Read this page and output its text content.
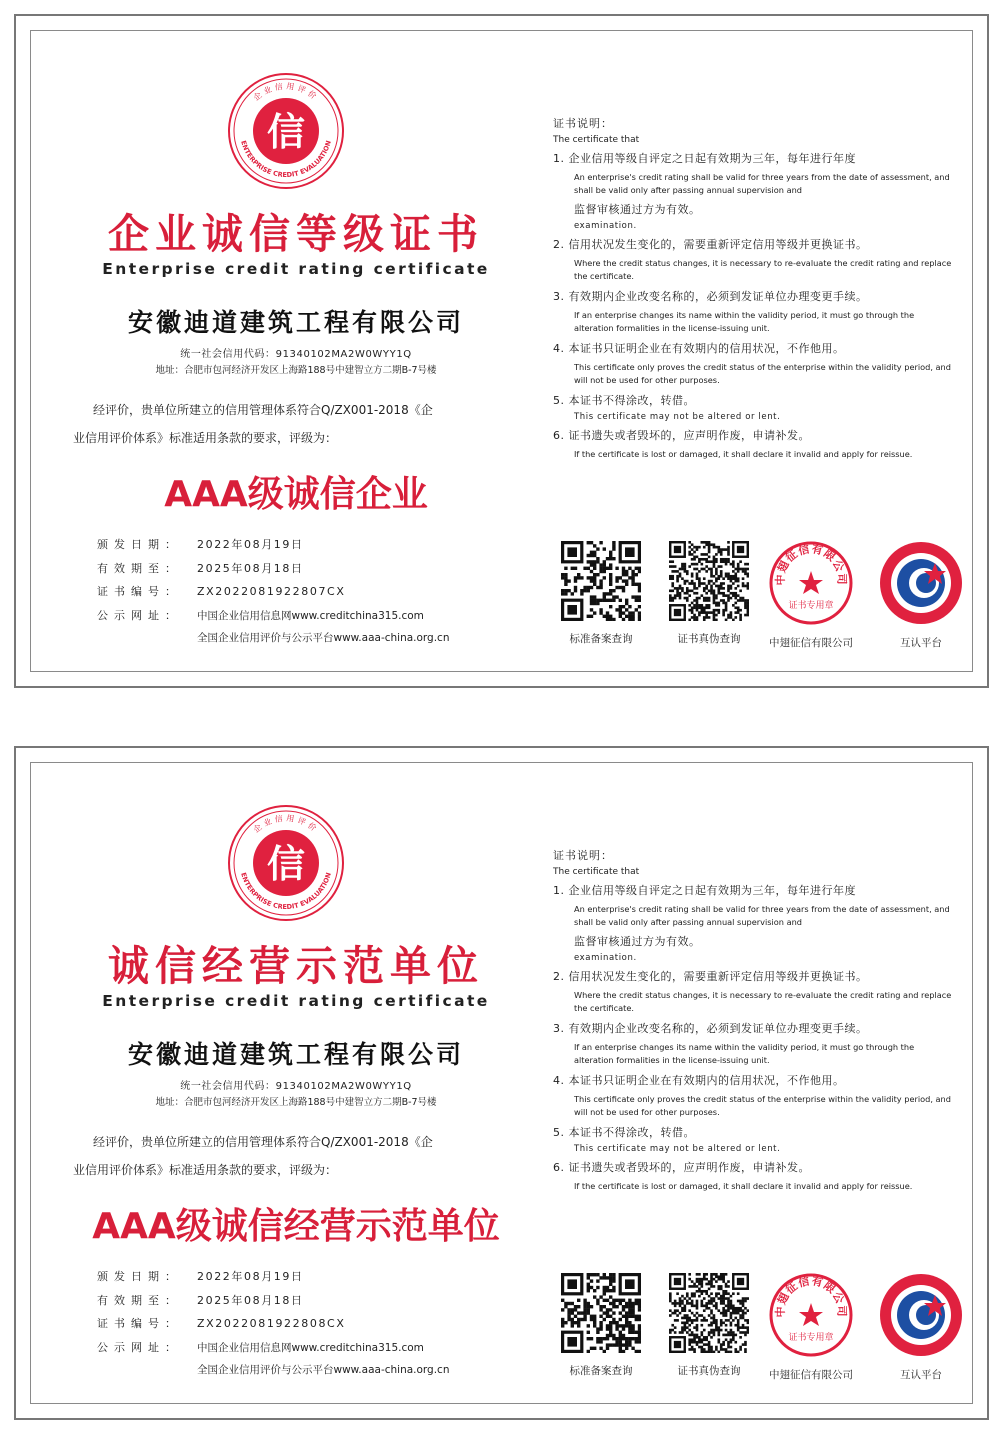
信
企业信用评价
ENTERPRISE CREDIT EVALUATION
企业诚信等级证书
Enterprise credit rating certificate
安徽迪道建筑工程有限公司
统一社会信用代码：91340102MA2W0WYY1Q
地址：合肥市包河经济开发区上海路188号中建智立方二期B-7号楼
经评价，贵单位所建立的信用管理体系符合Q/ZX001-2018《企
业信用评价体系》标准适用条款的要求，评级为：
AAA级诚信企业
颁发日期： 2022年08月19日
有效期至： 2025年08月18日
证书编号： ZX2022081922807CX
公示网址： 中国企业信用信息网www.creditchina315.com
全国企业信用评价与公示平台www.aaa-china.org.cn
证书说明：
The certificate that
1. 企业信用等级自评定之日起有效期为三年，每年进行年度
An enterprise's credit rating shall be valid for three years from the date of assessment, and shall be valid only after passing annual supervision and
监督审核通过方为有效。
examination.
2. 信用状况发生变化的，需要重新评定信用等级并更换证书。
Where the credit status changes, it is necessary to re-evaluate the credit rating and replace the certificate.
3. 有效期内企业改变名称的，必须到发证单位办理变更手续。
If an enterprise changes its name within the validity period, it must go through the alteration formalities in the license-issuing unit.
4. 本证书只证明企业在有效期内的信用状况，不作他用。
This certificate only proves the credit status of the enterprise within the validity period, and will not be used for other purposes.
5. 本证书不得涂改，转借。
This certificate may not be altered or lent.
6. 证书遗失或者毁坏的，应声明作废，申请补发。
If the certificate is lost or damaged, it shall declare it invalid and apply for reissue.
标准备案查询	证书真伪查询
中翅征信有限公司
证书专用章
中翅征信有限公司	互认平台
信
企业信用评价
ENTERPRISE CREDIT EVALUATION
诚信经营示范单位
Enterprise credit rating certificate
安徽迪道建筑工程有限公司
统一社会信用代码：91340102MA2W0WYY1Q
地址：合肥市包河经济开发区上海路188号中建智立方二期B-7号楼
经评价，贵单位所建立的信用管理体系符合Q/ZX001-2018《企
业信用评价体系》标准适用条款的要求，评级为：
AAA级诚信经营示范单位
颁发日期： 2022年08月19日
有效期至： 2025年08月18日
证书编号： ZX2022081922808CX
公示网址： 中国企业信用信息网www.creditchina315.com
全国企业信用评价与公示平台www.aaa-china.org.cn
证书说明：
The certificate that
1. 企业信用等级自评定之日起有效期为三年，每年进行年度
An enterprise's credit rating shall be valid for three years from the date of assessment, and shall be valid only after passing annual supervision and
监督审核通过方为有效。
examination.
2. 信用状况发生变化的，需要重新评定信用等级并更换证书。
Where the credit status changes, it is necessary to re-evaluate the credit rating and replace the certificate.
3. 有效期内企业改变名称的，必须到发证单位办理变更手续。
If an enterprise changes its name within the validity period, it must go through the alteration formalities in the license-issuing unit.
4. 本证书只证明企业在有效期内的信用状况，不作他用。
This certificate only proves the credit status of the enterprise within the validity period, and will not be used for other purposes.
5. 本证书不得涂改，转借。
This certificate may not be altered or lent.
6. 证书遗失或者毁坏的，应声明作废，申请补发。
If the certificate is lost or damaged, it shall declare it invalid and apply for reissue.
标准备案查询	证书真伪查询
中翅征信有限公司
证书专用章
中翅征信有限公司	互认平台
